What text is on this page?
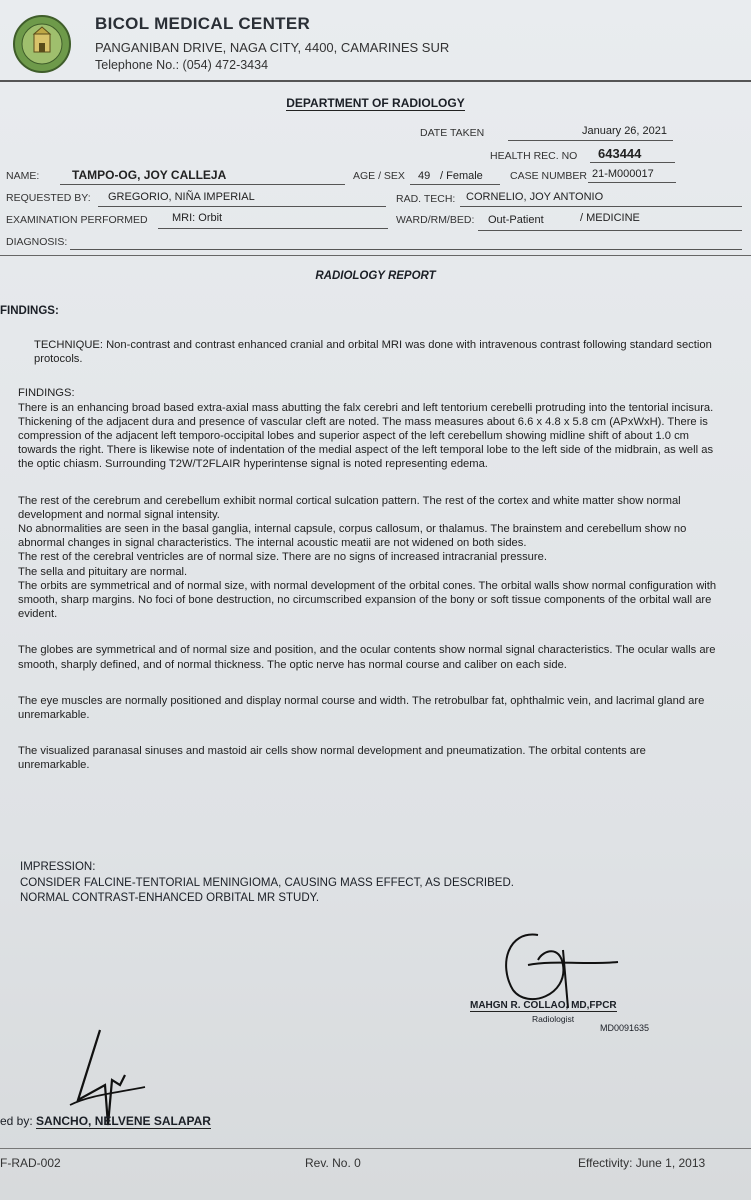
BICOL MEDICAL CENTER
PANGANIBAN DRIVE, NAGA CITY, 4400, CAMARINES SUR
Telephone No.: (054) 472-3434
DEPARTMENT OF RADIOLOGY
DATE TAKEN	January 26, 2021
HEALTH REC. NO 643444
NAME:	TAMPO-OG, JOY CALLEJA	AGE / SEX 49 / Female	CASE NUMBER 21-M000017
REQUESTED BY: GREGORIO, NIÑA IMPERIAL	RAD. TECH: CORNELIO, JOY ANTONIO
EXAMINATION PERFORMED MRI: Orbit	WARD/RM/BED: Out-Patient	/ MEDICINE
DIAGNOSIS:
RADIOLOGY REPORT
FINDINGS:

TECHNIQUE: Non-contrast and contrast enhanced cranial and orbital MRI was done with intravenous contrast following standard section protocols.

FINDINGS:

There is an enhancing broad based extra-axial mass abutting the falx cerebri and left tentorium cerebelli protruding into the tentorial incisura. Thickening of the adjacent dura and presence of vascular cleft are noted. The mass measures about 6.6 x 4.8 x 5.8 cm (APxWxH). There is compression of the adjacent left temporo-occipital lobes and superior aspect of the left cerebellum showing midline shift of about 1.0 cm towards the right. There is likewise note of indentation of the medial aspect of the left temporal lobe to the left side of the midbrain, as well as the optic chiasm. Surrounding T2W/T2FLAIR hyperintense signal is noted representing edema.

The rest of the cerebrum and cerebellum exhibit normal cortical sulcation pattern. The rest of the cortex and white matter show normal development and normal signal intensity.

No abnormalities are seen in the basal ganglia, internal capsule, corpus callosum, or thalamus. The brainstem and cerebellum show no abnormal changes in signal characteristics. The internal acoustic meatii are not widened on both sides.

The rest of the cerebral ventricles are of normal size. There are no signs of increased intracranial pressure.

The sella and pituitary are normal.

The orbits are symmetrical and of normal size, with normal development of the orbital cones. The orbital walls show normal configuration with smooth, sharp margins. No foci of bone destruction, no circumscribed expansion of the bony or soft tissue components of the orbital wall are evident.

The globes are symmetrical and of normal size and position, and the ocular contents show normal signal characteristics. The ocular walls are smooth, sharply defined, and of normal thickness. The optic nerve has normal course and caliber on each side.

The eye muscles are normally positioned and display normal course and width. The retrobulbar fat, ophthalmic vein, and lacrimal gland are unremarkable.

The visualized paranasal sinuses and mastoid air cells show normal development and pneumatization. The orbital contents are unremarkable.

IMPRESSION:
CONSIDER FALCINE-TENTORIAL MENINGIOMA, CAUSING MASS EFFECT, AS DESCRIBED.
NORMAL CONTRAST-ENHANCED ORBITAL MR STUDY.
MAHGN R. COLLAO, MD,FPCR
Radiologist
MD0091635
ed by: SANCHO, NELVENE SALAPAR
F-RAD-002	Rev. No. 0	Effectivity: June 1, 2013
